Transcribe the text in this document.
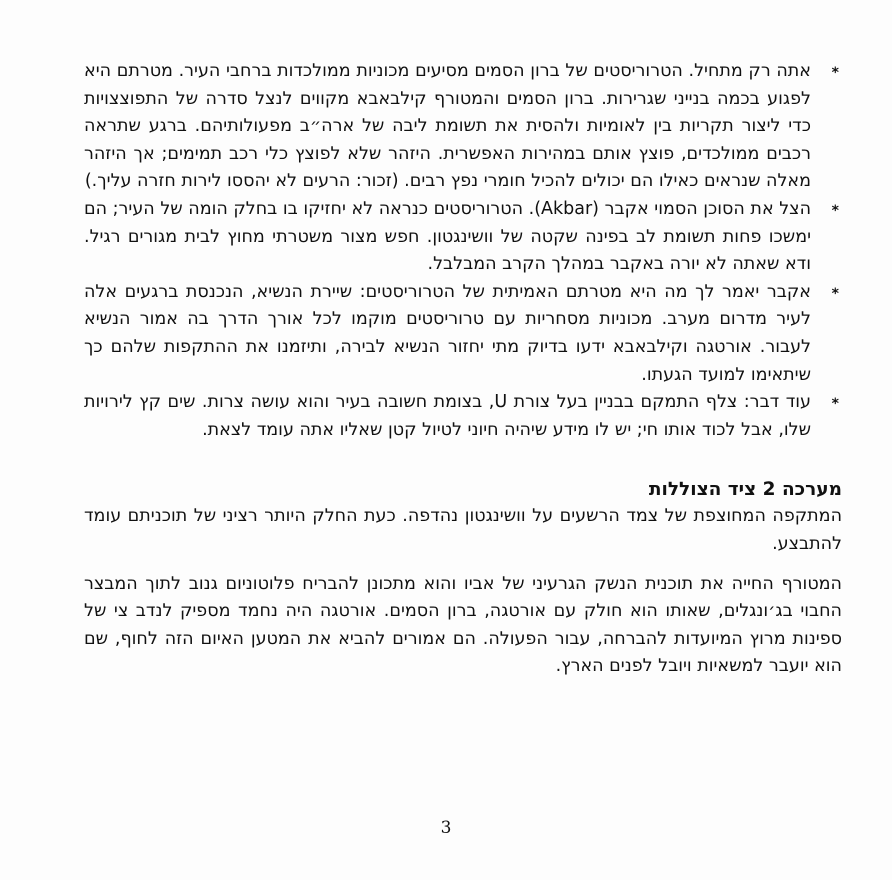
*
אתה רק מתחיל. הטרוריסטים של ברון הסמים מסיעים מכוניות ממולכדות ברחבי העיר. מטרתם היא לפגוע בכמה בנייני שגרירות. ברון הסמים והמטורף קילבאבא מקווים לנצל סדרה של התפוצצויות כדי ליצור תקריות בין לאומיות ולהסית את תשומת ליבה של ארה״ב מפעולותיהם. ברגע שתראה רכבים ממולכדים, פוצץ אותם במהירות האפשרית. היזהר שלא לפוצץ כלי רכב תמימים; אך היזהר מאלה שנראים כאילו הם יכולים להכיל חומרי נפץ רבים. (זכור: הרעים לא יהססו לירות חזרה עליך.)
*
הצל את הסוכן הסמוי אקבר (Akbar). הטרוריסטים כנראה לא יחזיקו בו בחלק הומה של העיר; הם ימשכו פחות תשומת לב בפינה שקטה של וושינגטון. חפש מצור משטרתי מחוץ לבית מגורים רגיל. ודא שאתה לא יורה באקבר במהלך הקרב המבלבל.
*
אקבר יאמר לך מה היא מטרתם האמיתית של הטרוריסטים: שיירת הנשיא, הנכנסת ברגעים אלה לעיר מדרום מערב. מכוניות מסחריות עם טרוריסטים מוקמו לכל אורך הדרך בה אמור הנשיא לעבור. אורטגה וקילבאבא ידעו בדיוק מתי יחזור הנשיא לבירה, ותיזמנו את ההתקפות שלהם כך שיתאימו למועד הגעתו.
*
עוד דבר: צלף התמקם בבניין בעל צורת U, בצומת חשובה בעיר והוא עושה צרות. שים קץ לירויות שלו, אבל לכוד אותו חי; יש לו מידע שיהיה חיוני לטיול קטן שאליו אתה עומד לצאת.
מערכה 2 ציד הצוללות

המתקפה המחוצפת של צמד הרשעים על וושינגטון נהדפה. כעת החלק היותר רציני של תוכניתם עומד להתבצע.

המטורף החייה את תוכנית הנשק הגרעיני של אביו והוא מתכונן להבריח פלוטוניום גנוב לתוך המבצר החבוי בג׳ונגלים, שאותו הוא חולק עם אורטגה, ברון הסמים. אורטגה היה נחמד מספיק לנדב צי של ספינות מרוץ המיועדות להברחה, עבור הפעולה. הם אמורים להביא את המטען האיום הזה לחוף, שם הוא יועבר למשאיות ויובל לפנים הארץ.

3
